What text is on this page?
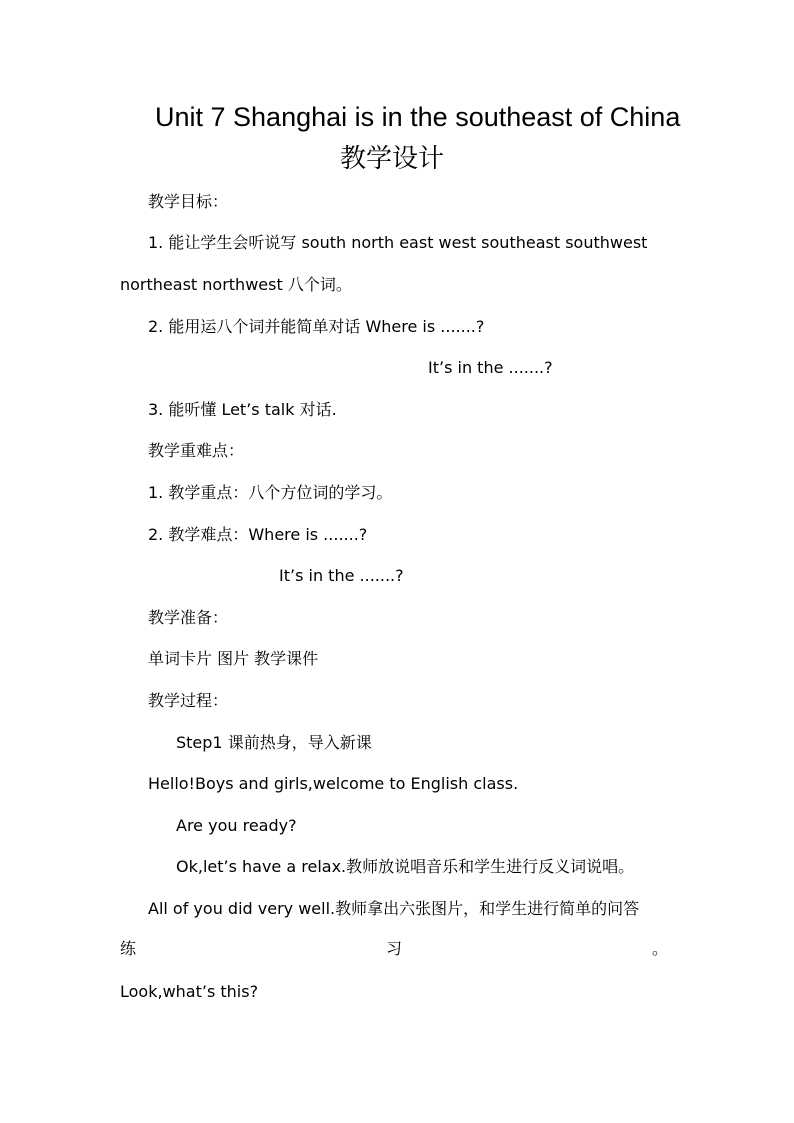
Unit 7 Shanghai is in the southeast of China
教学设计
教学目标：
1. 能让学生会听说写 south north east west southeast southwest
northeast northwest 八个词。
2. 能用运八个词并能简单对话 Where is .......?
It’s in the .......?
3. 能听懂 Let’s talk 对话.
教学重难点：
1. 教学重点：八个方位词的学习。
2. 教学难点：Where is .......?
It’s in the .......?
教学准备：
单词卡片 图片 教学课件
教学过程：
Step1 课前热身，导入新课
Hello!Boys and girls,welcome to English class.
Are you ready?
Ok,let’s have a relax.教师放说唱音乐和学生进行反义词说唱。
All of you did very well.教师拿出六张图片，和学生进行简单的问答
练	习	。
Look,what’s this?
